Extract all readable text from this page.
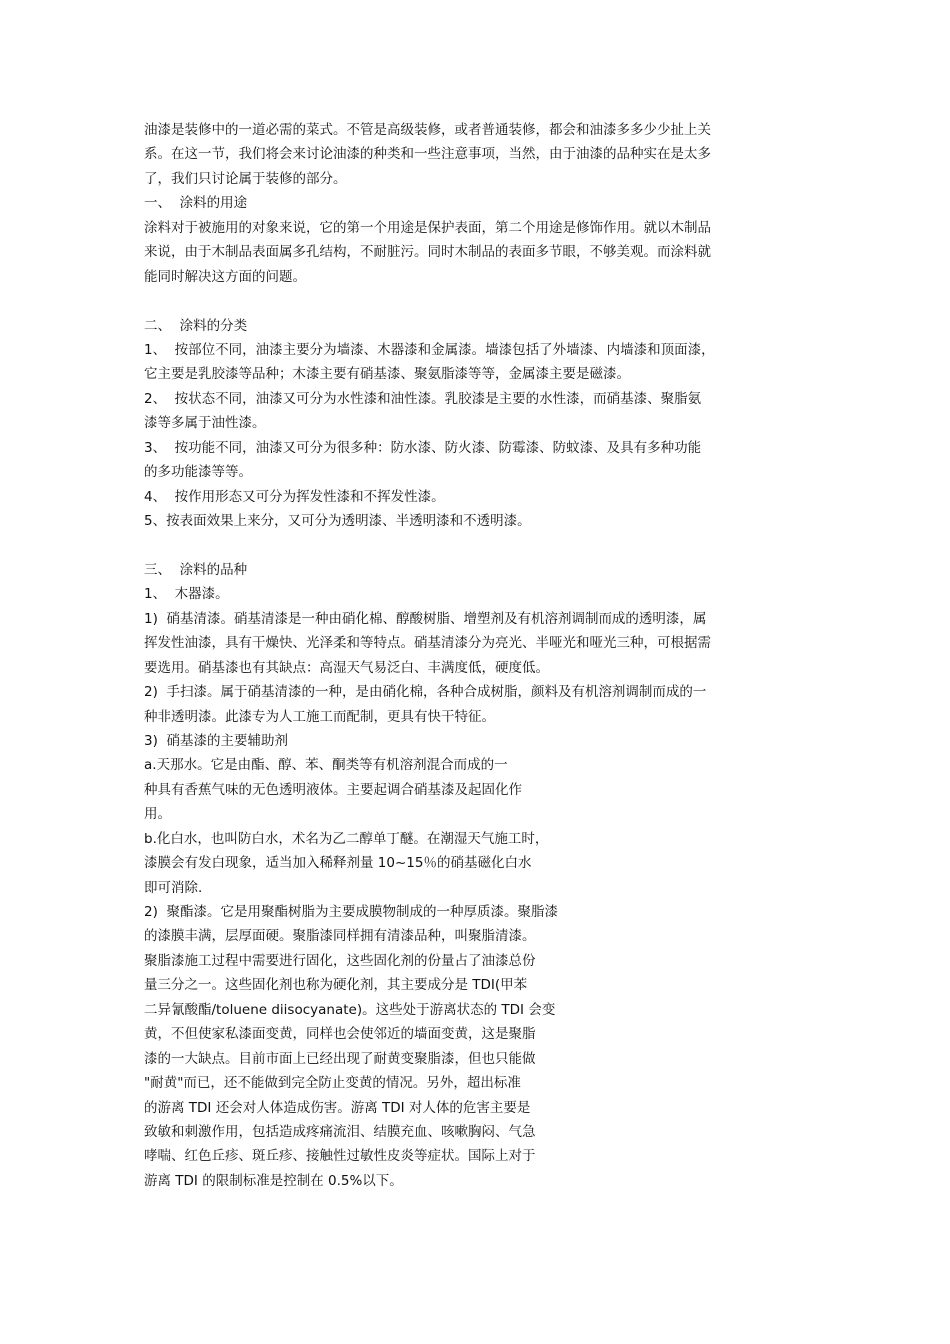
油漆是装修中的一道必需的菜式。不管是高级装修，或者普通装修，都会和油漆多多少少扯上关
系。在这一节，我们将会来讨论油漆的种类和一些注意事项，当然，由于油漆的品种实在是太多
了，我们只讨论属于装修的部分。
一、  涂料的用途
涂料对于被施用的对象来说，它的第一个用途是保护表面，第二个用途是修饰作用。就以木制品
来说，由于木制品表面属多孔结构，不耐脏污。同时木制品的表面多节眼，不够美观。而涂料就
能同时解决这方面的问题。
二、  涂料的分类
1、  按部位不同，油漆主要分为墙漆、木器漆和金属漆。墙漆包括了外墙漆、内墙漆和顶面漆，
它主要是乳胶漆等品种；木漆主要有硝基漆、聚氨脂漆等等，金属漆主要是磁漆。
2、  按状态不同，油漆又可分为水性漆和油性漆。乳胶漆是主要的水性漆，而硝基漆、聚脂氨
漆等多属于油性漆。
3、  按功能不同，油漆又可分为很多种：防水漆、防火漆、防霉漆、防蚊漆、及具有多种功能
的多功能漆等等。
4、  按作用形态又可分为挥发性漆和不挥发性漆。
5、按表面效果上来分，又可分为透明漆、半透明漆和不透明漆。
三、  涂料的品种
1、  木器漆。
1)  硝基清漆。硝基清漆是一种由硝化棉、醇酸树脂、增塑剂及有机溶剂调制而成的透明漆，属
挥发性油漆，具有干燥快、光泽柔和等特点。硝基清漆分为亮光、半哑光和哑光三种，可根据需
要选用。硝基漆也有其缺点：高湿天气易泛白、丰满度低，硬度低。
2)  手扫漆。属于硝基清漆的一种，是由硝化棉，各种合成树脂，颜料及有机溶剂调制而成的一
种非透明漆。此漆专为人工施工而配制，更具有快干特征。
3)  硝基漆的主要辅助剂
a.天那水。它是由酯、醇、苯、酮类等有机溶剂混合而成的一
种具有香蕉气味的无色透明液体。主要起调合硝基漆及起固化作
用。
b.化白水，也叫防白水，术名为乙二醇单丁醚。在潮湿天气施工时，
漆膜会有发白现象，适当加入稀释剂量 10~15％的硝基磁化白水
即可消除.
2)  聚酯漆。它是用聚酯树脂为主要成膜物制成的一种厚质漆。聚脂漆
的漆膜丰满，层厚面硬。聚脂漆同样拥有清漆品种，叫聚脂清漆。
聚脂漆施工过程中需要进行固化，这些固化剂的份量占了油漆总份
量三分之一。这些固化剂也称为硬化剂，其主要成分是 TDI(甲苯
二异氰酸酯/toluene diisocyanate)。这些处于游离状态的 TDI 会变
黄，不但使家私漆面变黄，同样也会使邻近的墙面变黄，这是聚脂
漆的一大缺点。目前市面上已经出现了耐黄变聚脂漆，但也只能做
"耐黄"而已，还不能做到完全防止变黄的情况。另外，超出标准
的游离 TDI 还会对人体造成伤害。游离 TDI 对人体的危害主要是
致敏和刺激作用，包括造成疼痛流泪、结膜充血、咳嗽胸闷、气急
哮喘、红色丘疹、斑丘疹、接触性过敏性皮炎等症状。国际上对于
游离 TDI 的限制标准是控制在 0.5%以下。
